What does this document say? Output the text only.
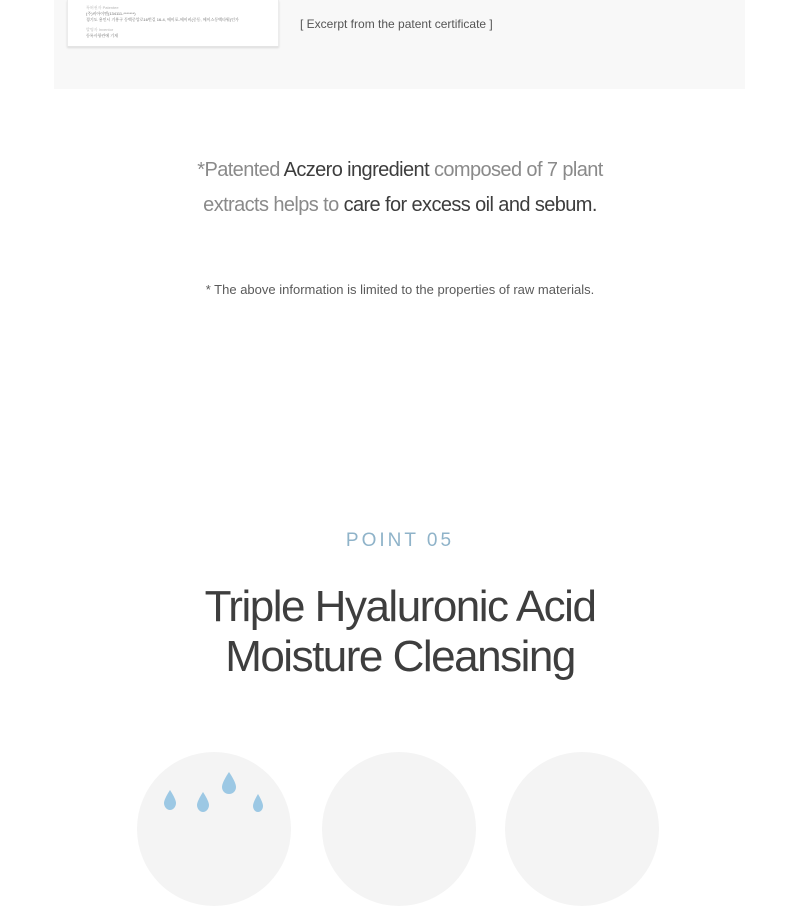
특허권자 Patentee

(주)비아이엔(134111-*******)

경기도 용인시 기흥구 동백중앙로16번길 16-4, 에이포-에이비(중동, 에이스동백타워)인가

발명자 Inventor

등록사항란에 기재

[ Excerpt from the patent certificate ]

*Patented Aczero ingredient composed of 7 plant
extracts helps to care for excess oil and sebum.

* The above information is limited to the properties of raw materials.

POINT 05

Triple Hyaluronic Acid
Moisture Cleansing
